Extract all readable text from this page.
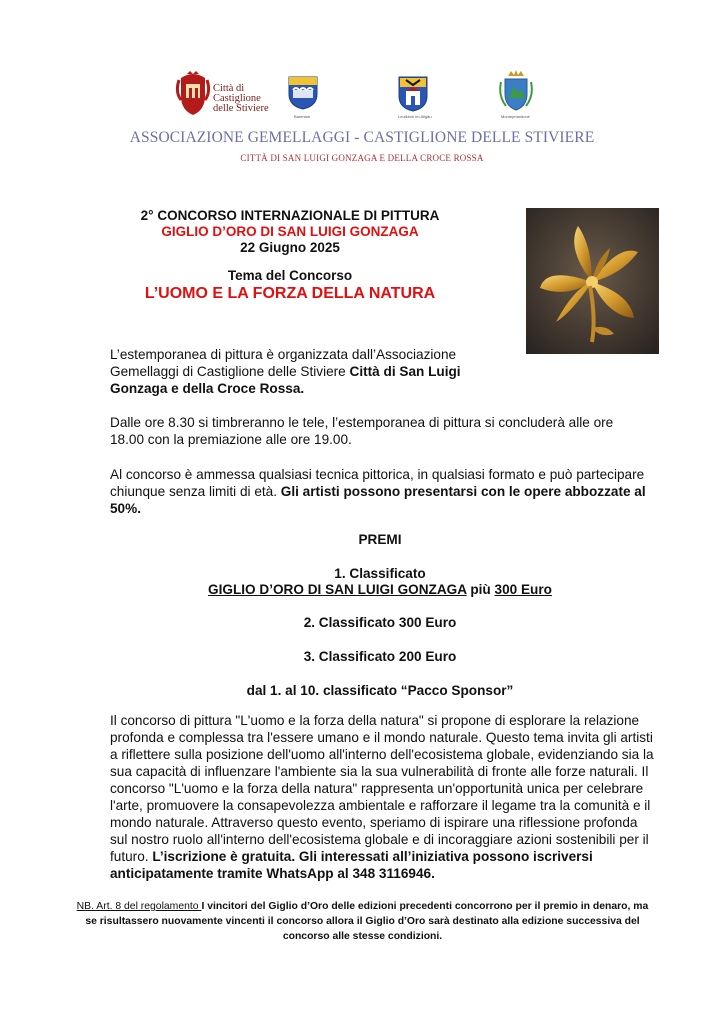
Città di
Castiglione
delle Stiviere
Barenton	Leutkirch im Allgäu	Montepriandone
ASSOCIAZIONE GEMELLAGGI - CASTIGLIONE DELLE STIVIERE
CITTÀ DI SAN LUIGI GONZAGA E DELLA CROCE ROSSA
2° CONCORSO INTERNAZIONALE DI PITTURA
GIGLIO D’ORO DI SAN LUIGI GONZAGA
22 Giugno 2025
Tema del Concorso
L’UOMO E LA FORZA DELLA NATURA
L’estemporanea di pittura è organizzata dall’Associazione Gemellaggi di Castiglione delle Stiviere Città di San Luigi Gonzaga e della Croce Rossa.
Dalle ore 8.30 si timbreranno le tele, l’estemporanea di pittura si concluderà alle ore 18.00 con la premiazione alle ore 19.00.
Al concorso è ammessa qualsiasi tecnica pittorica, in qualsiasi formato e può partecipare chiunque senza limiti di età. Gli artisti possono presentarsi con le opere abbozzate al 50%.
PREMI
1. Classificato
GIGLIO D’ORO DI SAN LUIGI GONZAGA più 300 Euro
2. Classificato 300 Euro
3. Classificato 200 Euro
dal 1. al 10. classificato “Pacco Sponsor”
Il concorso di pittura "L'uomo e la forza della natura" si propone di esplorare la relazione profonda e complessa tra l'essere umano e il mondo naturale. Questo tema invita gli artisti a riflettere sulla posizione dell'uomo all'interno dell'ecosistema globale, evidenziando sia la sua capacità di influenzare l'ambiente sia la sua vulnerabilità di fronte alle forze naturali. Il concorso "L'uomo e la forza della natura" rappresenta un'opportunità unica per celebrare l'arte, promuovere la consapevolezza ambientale e rafforzare il legame tra la comunità e il mondo naturale. Attraverso questo evento, speriamo di ispirare una riflessione profonda sul nostro ruolo all'interno dell'ecosistema globale e di incoraggiare azioni sostenibili per il futuro. L’iscrizione è gratuita. Gli interessati all’iniziativa possono iscriversi anticipatamente tramite WhatsApp al 348 3116946.
NB. Art. 8 del regolamento I vincitori del Giglio d’Oro delle edizioni precedenti concorrono per il premio in denaro, ma se risultassero nuovamente vincenti il concorso allora il Giglio d’Oro sarà destinato alla edizione successiva del concorso alle stesse condizioni.
